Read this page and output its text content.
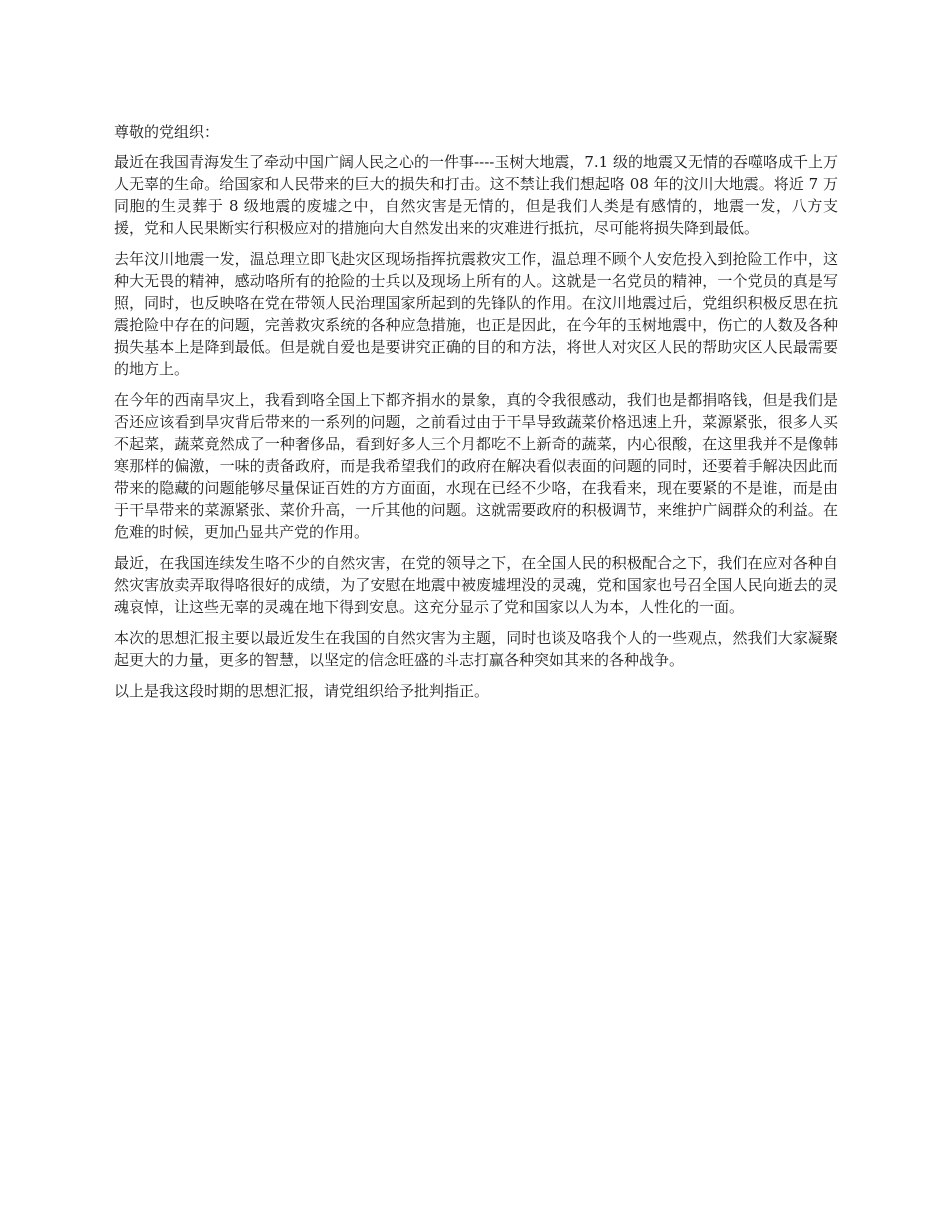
尊敬的党组织：

最近在我国青海发生了牵动中国广阔人民之心的一件事----玉树大地震，7.1 级的地震又无情的吞噬咯成千上万人无辜的生命。给国家和人民带来的巨大的损失和打击。这不禁让我们想起咯 08 年的汶川大地震。将近 7 万同胞的生灵葬于 8 级地震的废墟之中，自然灾害是无情的，但是我们人类是有感情的，地震一发，八方支援，党和人民果断实行积极应对的措施向大自然发出来的灾难进行抵抗，尽可能将损失降到最低。

去年汶川地震一发，温总理立即飞赴灾区现场指挥抗震救灾工作，温总理不顾个人安危投入到抢险工作中，这种大无畏的精神，感动咯所有的抢险的士兵以及现场上所有的人。这就是一名党员的精神，一个党员的真是写照，同时，也反映咯在党在带领人民治理国家所起到的先锋队的作用。在汶川地震过后，党组织积极反思在抗震抢险中存在的问题，完善救灾系统的各种应急措施，也正是因此，在今年的玉树地震中，伤亡的人数及各种损失基本上是降到最低。但是就自爱也是要讲究正确的目的和方法，将世人对灾区人民的帮助灾区人民最需要的地方上。

在今年的西南旱灾上，我看到咯全国上下都齐捐水的景象，真的令我很感动，我们也是都捐咯钱，但是我们是否还应该看到旱灾背后带来的一系列的问题，之前看过由于干旱导致蔬菜价格迅速上升，菜源紧张，很多人买不起菜，蔬菜竟然成了一种奢侈品，看到好多人三个月都吃不上新奇的蔬菜，内心很酸，在这里我并不是像韩寒那样的偏激，一味的责备政府，而是我希望我们的政府在解决看似表面的问题的同时，还要着手解决因此而带来的隐藏的问题能够尽量保证百姓的方方面面，水现在已经不少咯，在我看来，现在要紧的不是谁，而是由于干旱带来的菜源紧张、菜价升高，一斤其他的问题。这就需要政府的积极调节，来维护广阔群众的利益。在危难的时候，更加凸显共产党的作用。

最近，在我国连续发生咯不少的自然灾害，在党的领导之下，在全国人民的积极配合之下，我们在应对各种自然灾害放卖弄取得咯很好的成绩，为了安慰在地震中被废墟埋没的灵魂，党和国家也号召全国人民向逝去的灵魂哀悼，让这些无辜的灵魂在地下得到安息。这充分显示了党和国家以人为本，人性化的一面。

本次的思想汇报主要以最近发生在我国的自然灾害为主题，同时也谈及咯我个人的一些观点，然我们大家凝聚起更大的力量，更多的智慧，以坚定的信念旺盛的斗志打赢各种突如其来的各种战争。

以上是我这段时期的思想汇报，请党组织给予批判指正。
